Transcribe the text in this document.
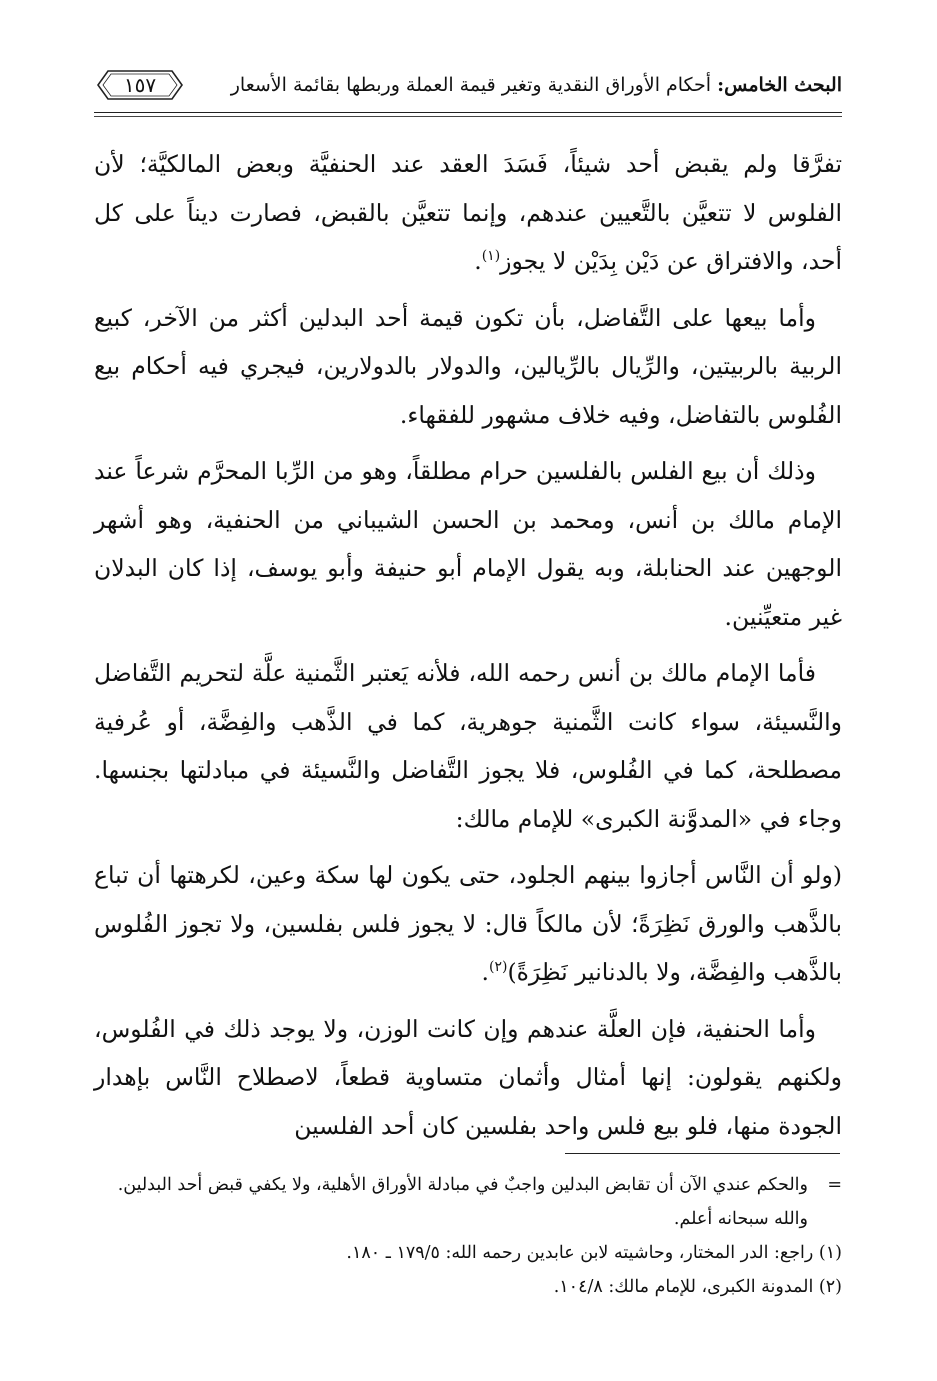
البحث الخامس: أحكام الأوراق النقدية وتغير قيمة العملة وربطها بقائمة الأسعار
١٥٧

تفرَّقا ولم يقبض أحد شيئاً، فَسَدَ العقد عند الحنفيَّة وبعض المالكيَّة؛ لأن الفلوس لا تتعيَّن بالتَّعيين عندهم، وإنما تتعيَّن بالقبض، فصارت ديناً على كل أحد، والافتراق عن دَيْن بِدَيْن لا يجوز$^{(١)}$.

وأما بيعها على التَّفاضل، بأن تكون قيمة أحد البدلين أكثر من الآخر، كبيع الربية بالربيتين، والرِّيال بالرِّيالين، والدولار بالدولارين، فيجري فيه أحكام بيع الفُلوس بالتفاضل، وفيه خلاف مشهور للفقهاء.

وذلك أن بيع الفلس بالفلسين حرام مطلقاً، وهو من الرِّبا المحرَّم شرعاً عند الإمام مالك بن أنس، ومحمد بن الحسن الشيباني من الحنفية، وهو أشهر الوجهين عند الحنابلة، وبه يقول الإمام أبو حنيفة وأبو يوسف، إذا كان البدلان غير متعيِّنين.

فأما الإمام مالك بن أنس رحمه الله، فلأنه يَعتبر الثَّمنية علَّة لتحريم التَّفاضل والنَّسيئة، سواء كانت الثَّمنية جوهرية، كما في الذَّهب والفِضَّة، أو عُرفية مصطلحة، كما في الفُلوس، فلا يجوز التَّفاضل والنَّسيئة في مبادلتها بجنسها. وجاء في «المدوَّنة الكبرى» للإمام مالك:

(ولو أن النَّاس أجازوا بينهم الجلود، حتى يكون لها سكة وعين، لكرهتها أن تباع بالذَّهب والورق نَظِرَةً؛ لأن مالكاً قال: لا يجوز فلس بفلسين، ولا تجوز الفُلوس بالذَّهب والفِضَّة، ولا بالدنانير نَظِرَةً)$^{(٢)}$.

وأما الحنفية، فإن العلَّة عندهم وإن كانت الوزن، ولا يوجد ذلك في الفُلوس، ولكنهم يقولون: إنها أمثال وأثمان متساوية قطعاً، لاصطلاح النَّاس بإهدار الجودة منها، فلو بيع فلس واحد بفلسين كان أحد الفلسين

=

والحكم عندي الآن أن تقابض البدلين واجبٌ في مبادلة الأوراق الأهلية، ولا يكفي قبض أحد البدلين. والله سبحانه أعلم.

(١) راجع: الدر المختار، وحاشيته لابن عابدين رحمه الله: ١٧٩/٥ ـ ١٨٠.

(٢) المدونة الكبرى، للإمام مالك: ١٠٤/٨.
